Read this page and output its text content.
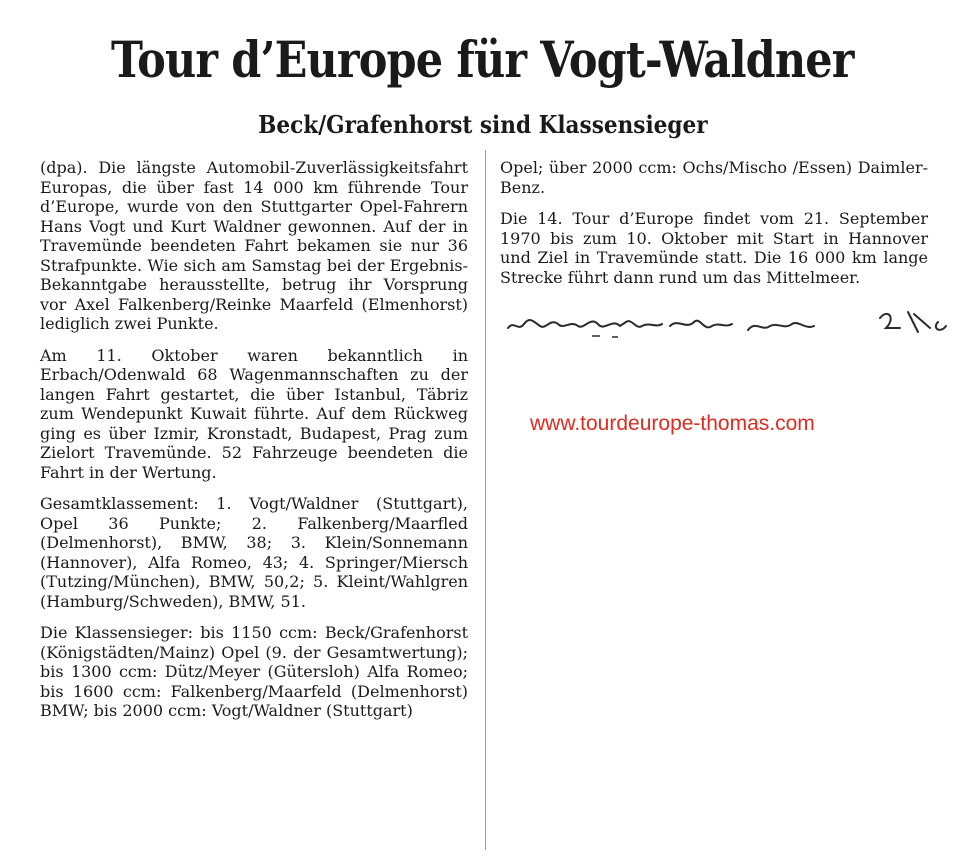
Tour d’Europe für Vogt-Waldner
Beck/Grafenhorst sind Klassensieger

(dpa). Die längste Automobil-Zuverlässigkeitsfahrt Europas, die über fast 14 000 km führende Tour d’Europe, wurde von den Stuttgarter Opel-Fahrern Hans Vogt und Kurt Waldner gewonnen. Auf der in Travemünde beendeten Fahrt bekamen sie nur 36 Strafpunkte. Wie sich am Samstag bei der Ergebnis-Bekanntgabe herausstellte, betrug ihr Vorsprung vor Axel Falkenberg/Reinke Maarfeld (Elmenhorst) lediglich zwei Punkte.

Am 11. Oktober waren bekanntlich in Erbach/Odenwald 68 Wagenmannschaften zu der langen Fahrt gestartet, die über Istanbul, Täbriz zum Wendepunkt Kuwait führte. Auf dem Rückweg ging es über Izmir, Kronstadt, Budapest, Prag zum Zielort Travemünde. 52 Fahrzeuge beendeten die Fahrt in der Wertung.

Gesamtklassement: 1. Vogt/Waldner (Stuttgart), Opel 36 Punkte; 2. Falkenberg/Maarfled (Delmenhorst), BMW, 38; 3. Klein/Sonnemann (Hannover), Alfa Romeo, 43; 4. Springer/Miersch (Tutzing/München), BMW, 50,2; 5. Kleint/Wahlgren (Hamburg/Schweden), BMW, 51.

Die Klassensieger: bis 1150 ccm: Beck/Grafenhorst (Königstädten/Mainz) Opel (9. der Gesamtwertung); bis 1300 ccm: Dütz/Meyer (Gütersloh) Alfa Romeo; bis 1600 ccm: Falkenberg/Maarfeld (Delmenhorst) BMW; bis 2000 ccm: Vogt/Waldner (Stuttgart)

Opel; über 2000 ccm: Ochs/Mischo /Essen) Daimler-Benz.

Die 14. Tour d’Europe findet vom 21. September 1970 bis zum 10. Oktober mit Start in Hannover und Ziel in Travemünde statt. Die 16 000 km lange Strecke führt dann rund um das Mittelmeer.

www.tourdeurope-thomas.com
